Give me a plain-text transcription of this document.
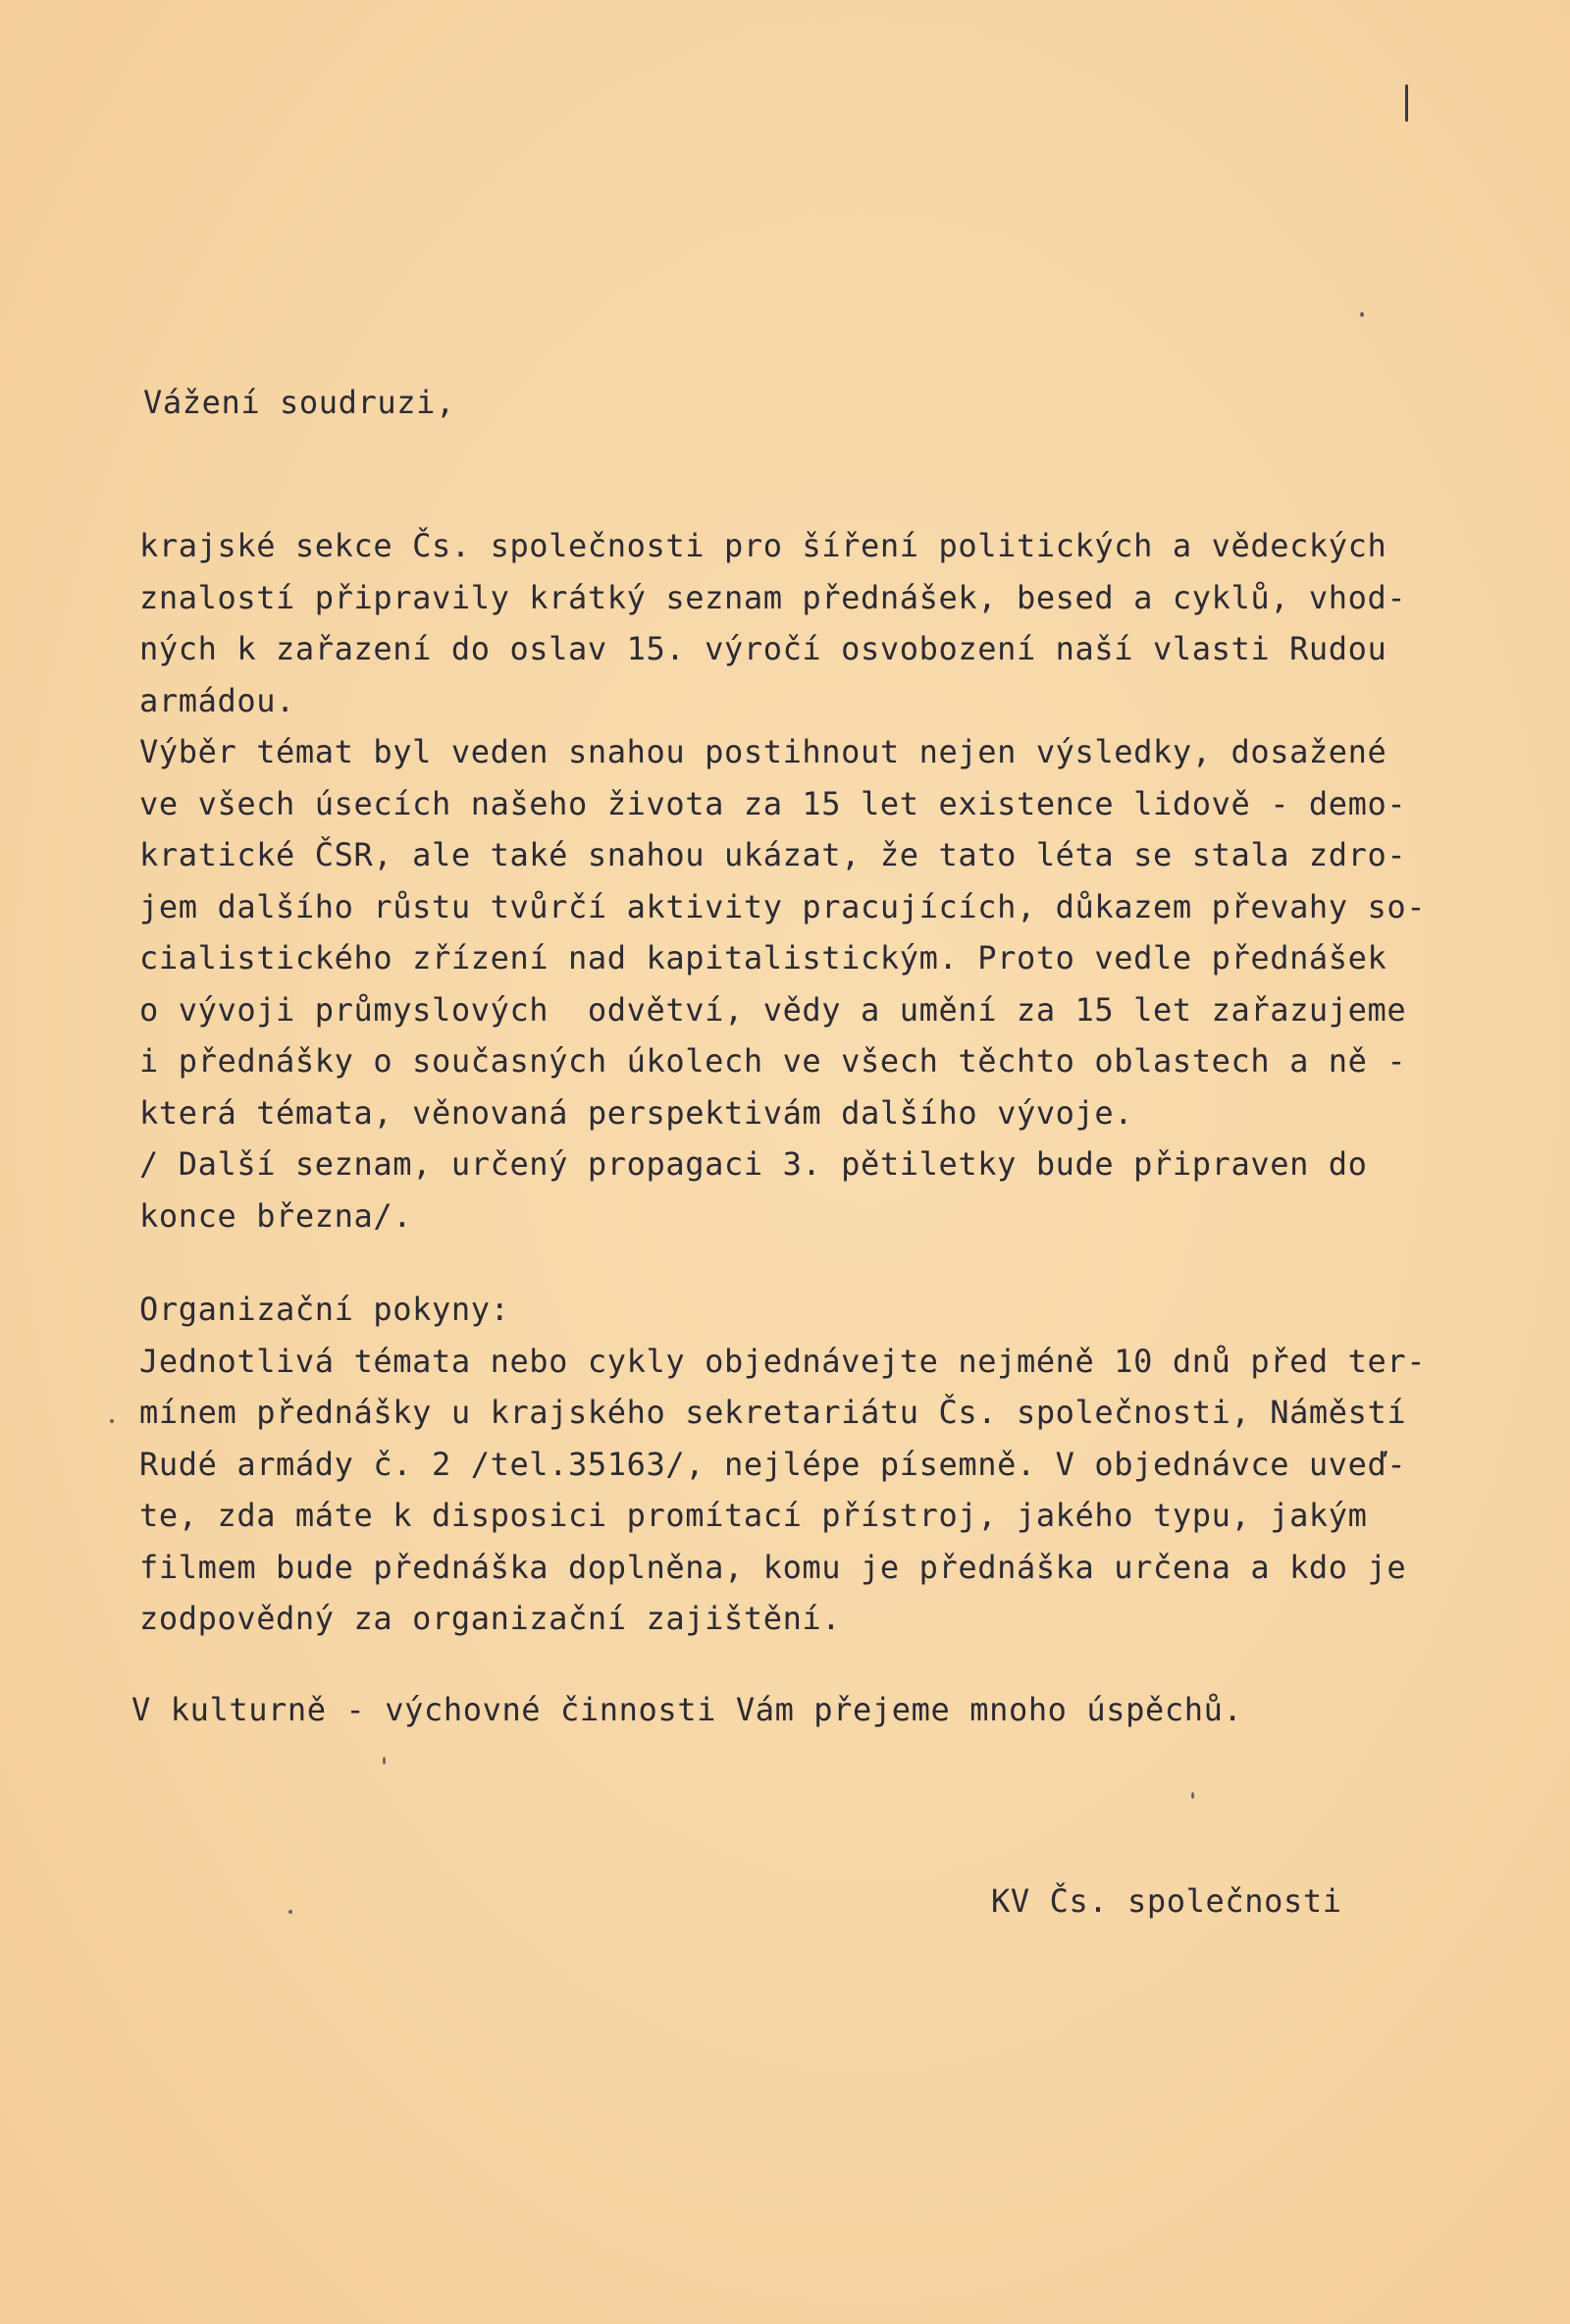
Vážení soudruzi,
krajské sekce Čs. společnosti pro šíření politických a vědeckých
znalostí připravily krátký seznam přednášek, besed a cyklů, vhod-
ných k zařazení do oslav 15. výročí osvobození naší vlasti Rudou
armádou.
Výběr témat byl veden snahou postihnout nejen výsledky, dosažené
ve všech úsecích našeho života za 15 let existence lidově - demo-
kratické ČSR, ale také snahou ukázat, že tato léta se stala zdro-
jem dalšího růstu tvůrčí aktivity pracujících, důkazem převahy so-
cialistického zřízení nad kapitalistickým. Proto vedle přednášek
o vývoji průmyslových  odvětví, vědy a umění za 15 let zařazujeme
i přednášky o současných úkolech ve všech těchto oblastech a ně -
která témata, věnovaná perspektivám dalšího vývoje.
/ Další seznam, určený propagaci 3. pětiletky bude připraven do
konce března/.
Organizační pokyny:
Jednotlivá témata nebo cykly objednávejte nejméně 10 dnů před ter-
mínem přednášky u krajského sekretariátu Čs. společnosti, Náměstí
Rudé armády č. 2 /tel.35163/, nejlépe písemně. V objednávce uveď-
te, zda máte k disposici promítací přístroj, jakého typu, jakým
filmem bude přednáška doplněna, komu je přednáška určena a kdo je
zodpovědný za organizační zajištění.
V kulturně - výchovné činnosti Vám přejeme mnoho úspěchů.
KV Čs. společnosti
